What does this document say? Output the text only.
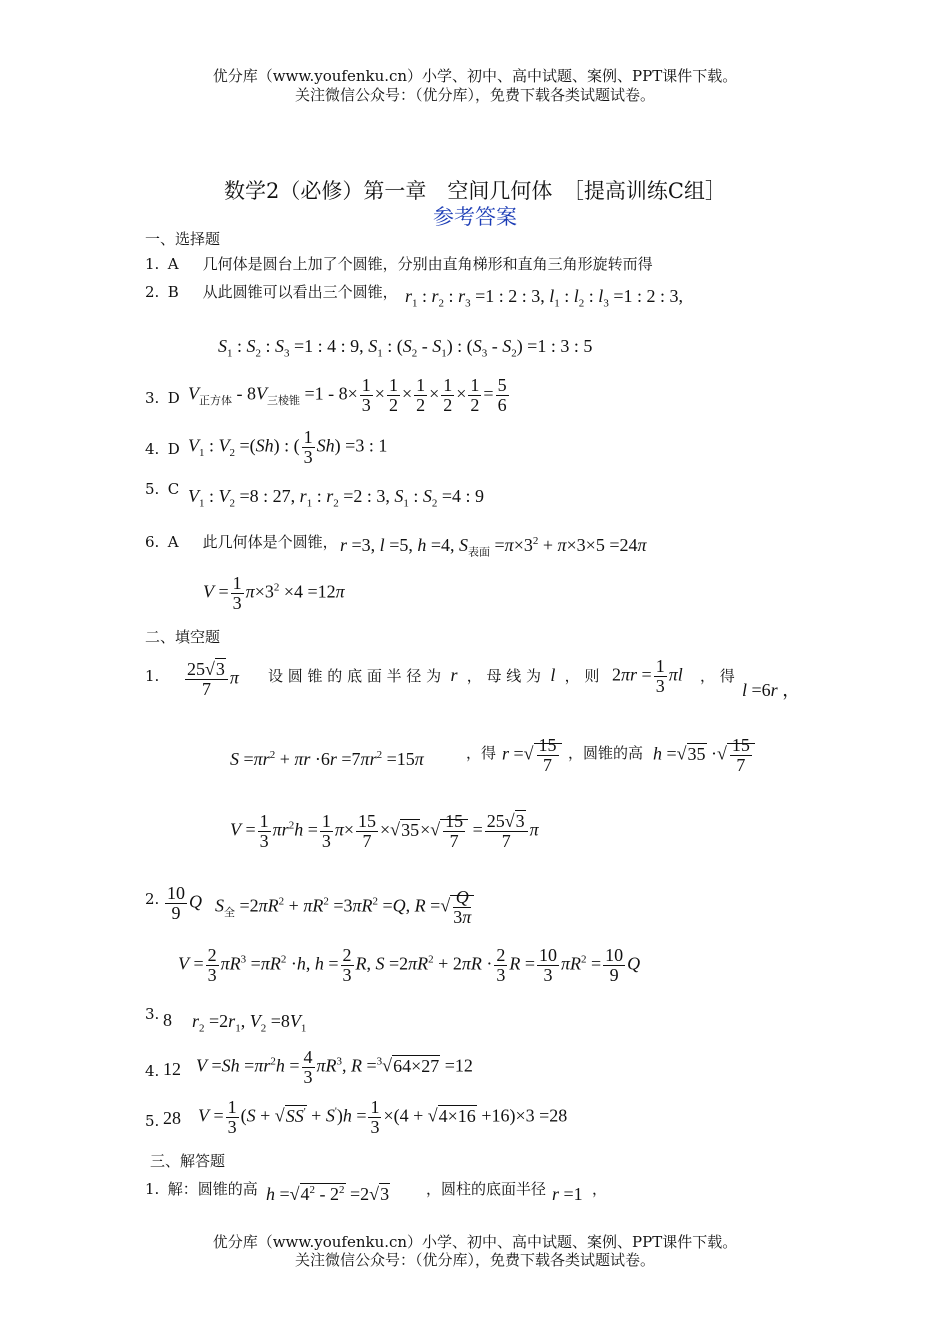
优分库（www.youfenku.cn）小学、初中、高中试题、案例、PPT课件下载。
关注微信公众号：（优分库），免费下载各类试题试卷。
数学2（必修）第一章　空间几何体　［提高训练C组］
参考答案
一、选择题
1. A 几何体是圆台上加了个圆锥，分别由直角梯形和直角三角形旋转而得
2. B 从此圆锥可以看出三个圆锥， $r_1$ : $r_2$ : $r_3 =1$ : 2 : 3, $l_1$ : $l_2$ : $l_3 =1$ : 2 : 3,
$S_1$ : $S_2$ : $S_3 =1$ : 4 : 9, $S_1$ : $(S_2 - S_1)$ : $(S_3 - S_2) =1$ : 3 : 5
3. D $V_{正方体} - 8V_{三棱锥} =1 - 8\times \frac{1}{3} \times \frac{1}{2} \times \frac{1}{2} \times \frac{1}{2} \times \frac{1}{2} = \frac{5}{6}$
4. D $V_1$ : $V_2 =(Sh)$ : ( $\frac{1}{3} Sh) =3$ : 1
5. C $V_1$ : $V_2 =8$ : 27, $r_1$ : $r_2 =2$ : 3, $S_1$ : $S_2 =4$ : 9
6. A 此几何体是个圆锥， r =3, l =5, h =4, $S_{表面} =\pi\times 3^2 + \pi\times 3\times 5 =24\pi$
$V = \frac{1}{3} \pi\times 3^2 \times 4 =12\pi$
二、填空题
1. $\frac{25√3}{7}$ π 设 圆 锥 的 底 面 半 径 为  r  ， 母 线 为  l  ， 则 $2\pi r = \frac{1}{3}$ πl ， 得
l =6r ，
$S =\pi r^2 + \pi r \cdot 6r =7\pi r^2 =15\pi$	，得 r =√ $\frac{15}{7}$ ，圆锥的高 h =√35 ·√ $\frac{15}{7}$
$V = \frac{1}{3} \pi r^2h = \frac{1}{3} \pi\times \frac{15}{7} \times√35\times√ \frac{15}{7} = \frac{25√3}{7}$ π
2. $\frac{10}{9}$ Q $S_全 =2\pi R^2 + \pi R^2 =3\pi R^2 =Q$, R =√ $\frac{Q}{3\pi}$
$V = \frac{2}{3} \pi R^3 =\pi R^2 \cdot h$, $h = \frac{2}{3} R$, $S =2\pi R^2 + 2\pi R \cdot \frac{2}{3}$ $R = \frac{10}{3} \pi R^2 = \frac{10}{9}$ Q
3. 8 $r_2 =2r_1$, $V_2 =8V_1$
4. 12 $V =Sh =\pi r^2h = \frac{4}{3} \pi R^3$, R =$^3$√64×27 =12
5. 28 $V = \frac{1}{3} (S + √SS' + S')h = \frac{1}{3} \times(4 + √4\times 16 +16)\times 3 =28$
三、解答题
1. 解：圆锥的高 $h =√4^2 - 2^2 =2√3$ ，圆柱的底面半径 r =1 ，
优分库（www.youfenku.cn）小学、初中、高中试题、案例、PPT课件下载。
关注微信公众号：（优分库），免费下载各类试题试卷。
